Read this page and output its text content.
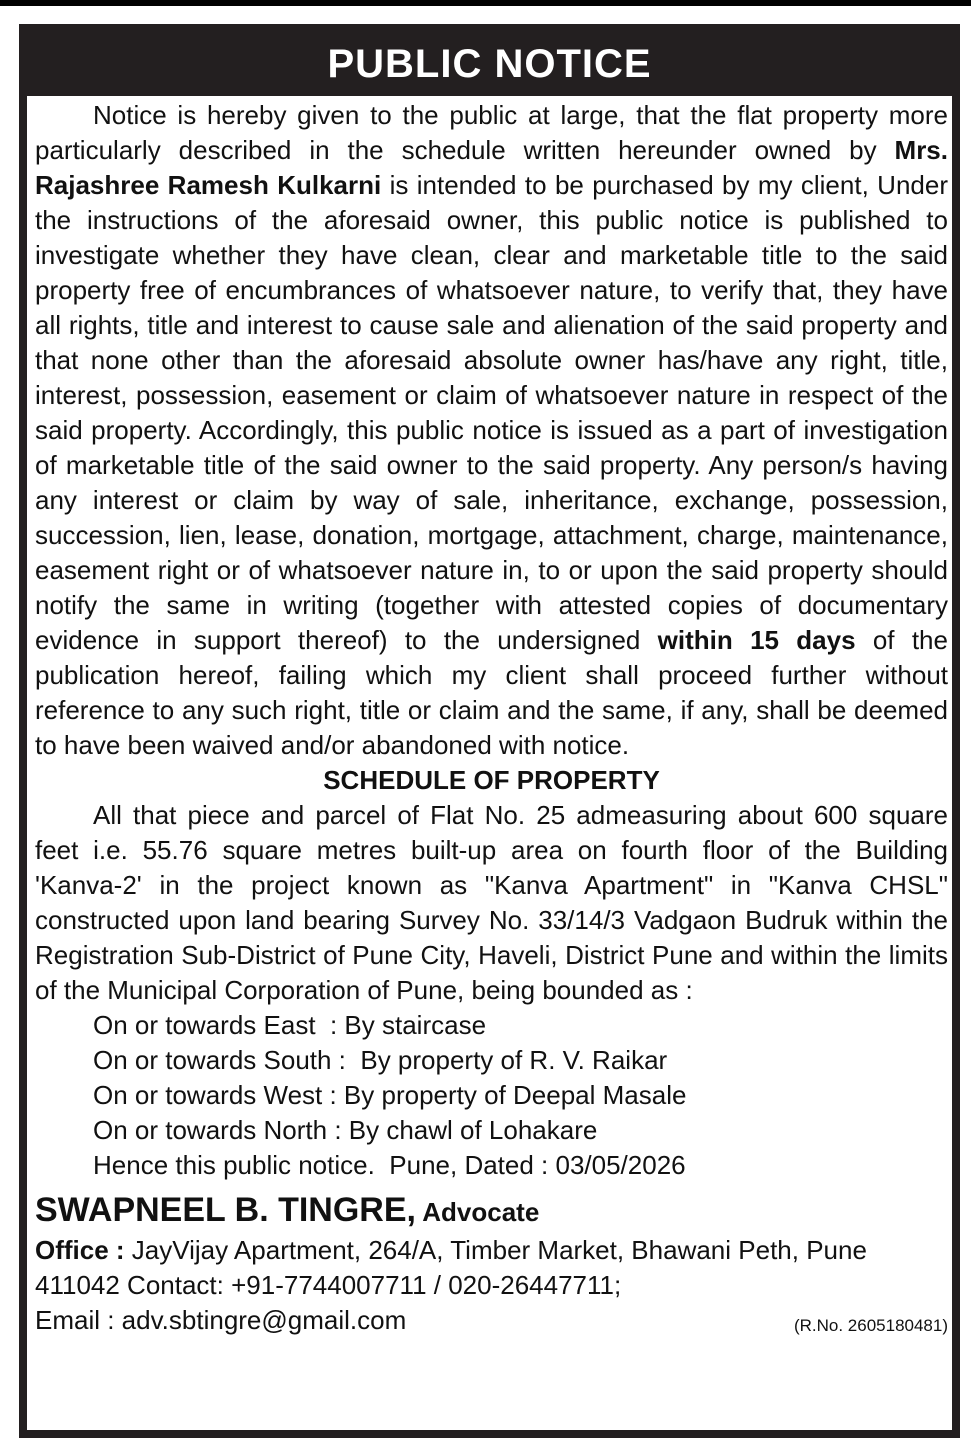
PUBLIC NOTICE

Notice is hereby given to the public at large, that the flat property more particularly described in the schedule written hereunder owned by Mrs. Rajashree Ramesh Kulkarni is intended to be purchased by my client, Under the instructions of the aforesaid owner, this public notice is published to investigate whether they have clean, clear and marketable title to the said property free of encumbrances of whatsoever nature, to verify that, they have all rights, title and interest to cause sale and alienation of the said property and that none other than the aforesaid absolute owner has/have any right, title, interest, possession, easement or claim of whatsoever nature in respect of the said property. Accordingly, this public notice is issued as a part of investigation of marketable title of the said owner to the said property. Any person/s having any interest or claim by way of sale, inheritance, exchange, possession, succession, lien, lease, donation, mortgage, attachment, charge, maintenance, easement right or of whatsoever nature in, to or upon the said property should notify the same in writing (together with attested copies of documentary evidence in support thereof) to the undersigned within 15 days of the publication hereof, failing which my client shall proceed further without reference to any such right, title or claim and the same, if any, shall be deemed to have been waived and/or abandoned with notice.

SCHEDULE OF PROPERTY

All that piece and parcel of Flat No. 25 admeasuring about 600 square feet i.e. 55.76 square metres built-up area on fourth floor of the Building 'Kanva-2' in the project known as "Kanva Apartment" in "Kanva CHSL" constructed upon land bearing Survey No. 33/14/3 Vadgaon Budruk within the Registration Sub-District of Pune City, Haveli, District Pune and within the limits of the Municipal Corporation of Pune, being bounded as :

On or towards East  : By staircase

On or towards South :  By property of R. V. Raikar

On or towards West : By property of Deepal Masale

On or towards North : By chawl of Lohakare

Hence this public notice.  Pune, Dated : 03/05/2026

SWAPNEEL B. TINGRE, Advocate

Office : JayVijay Apartment, 264/A, Timber Market, Bhawani Peth, Pune 411042 Contact: +91-7744007711 / 020-26447711;

Email : adv.sbtingre@gmail.com	(R.No. 2605180481)
